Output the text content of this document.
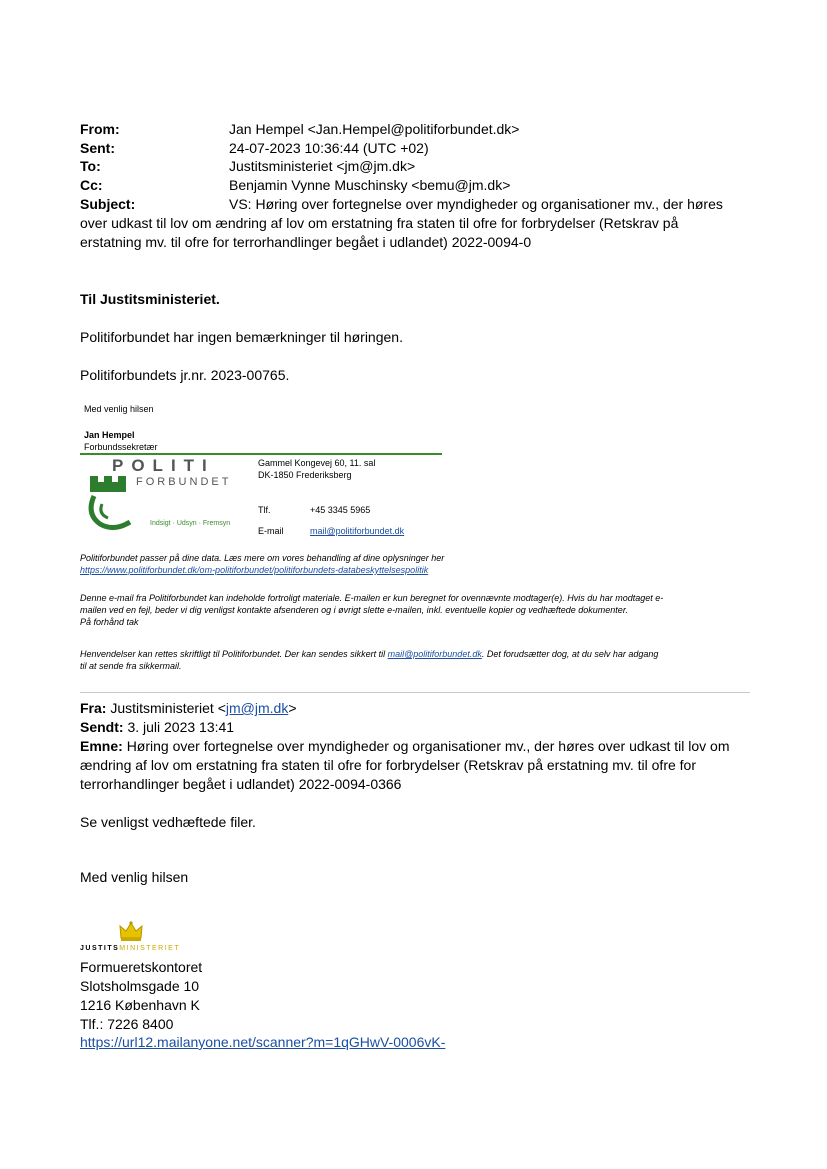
From:	Jan Hempel <Jan.Hempel@politiforbundet.dk>
Sent:	24-07-2023 10:36:44 (UTC +02)
To:	Justitsministeriet <jm@jm.dk>
Cc:	Benjamin Vynne Muschinsky <bemu@jm.dk>
Subject:	VS: Høring over fortegnelse over myndigheder og organisationer mv., der høres over udkast til lov om ændring af lov om erstatning fra staten til ofre for forbrydelser (Retskrav på erstatning mv. til ofre for terrorhandlinger begået i udlandet) 2022-0094-0
Til Justitsministeriet.
Politiforbundet har ingen bemærkninger til høringen.
Politiforbundets jr.nr. 2023-00765.
Med venlig hilsen
Jan Hempel
Forbundssekretær
POLITI
FORBUNDET
Indsigt · Udsyn · Fremsyn
Gammel Kongevej 60, 11. sal
DK-1850 Frederiksberg
Tlf.	+45 3345 5965
E-mail	mail@politiforbundet.dk
Politiforbundet passer på dine data. Læs mere om vores behandling af dine oplysninger her
https://www.politiforbundet.dk/om-politiforbundet/politiforbundets-databeskyttelsespolitik
Denne e-mail fra Politiforbundet kan indeholde fortroligt materiale. E-mailen er kun beregnet for ovennævnte modtager(e). Hvis du har modtaget e-
mailen ved en fejl, beder vi dig venligst kontakte afsenderen og i øvrigt slette e-mailen, inkl. eventuelle kopier og vedhæftede dokumenter.
På forhånd tak
Henvendelser kan rettes skriftligt til Politiforbundet. Der kan sendes sikkert til mail@politiforbundet.dk. Det forudsætter dog, at du selv har adgang
til at sende fra sikkermail.
Fra: Justitsministeriet <jm@jm.dk>
Sendt: 3. juli 2023 13:41
Emne: Høring over fortegnelse over myndigheder og organisationer mv., der høres over udkast til lov om
ændring af lov om erstatning fra staten til ofre for forbrydelser (Retskrav på erstatning mv. til ofre for
terrorhandlinger begået i udlandet) 2022-0094-0366
Se venligst vedhæftede filer.
Med venlig hilsen
JUSTITSMINISTERIET
Formueretskontoret
Slotsholmsgade 10
1216 København K
Tlf.: 7226 8400
https://url12.mailanyone.net/scanner?m=1qGHwV-0006vK-
